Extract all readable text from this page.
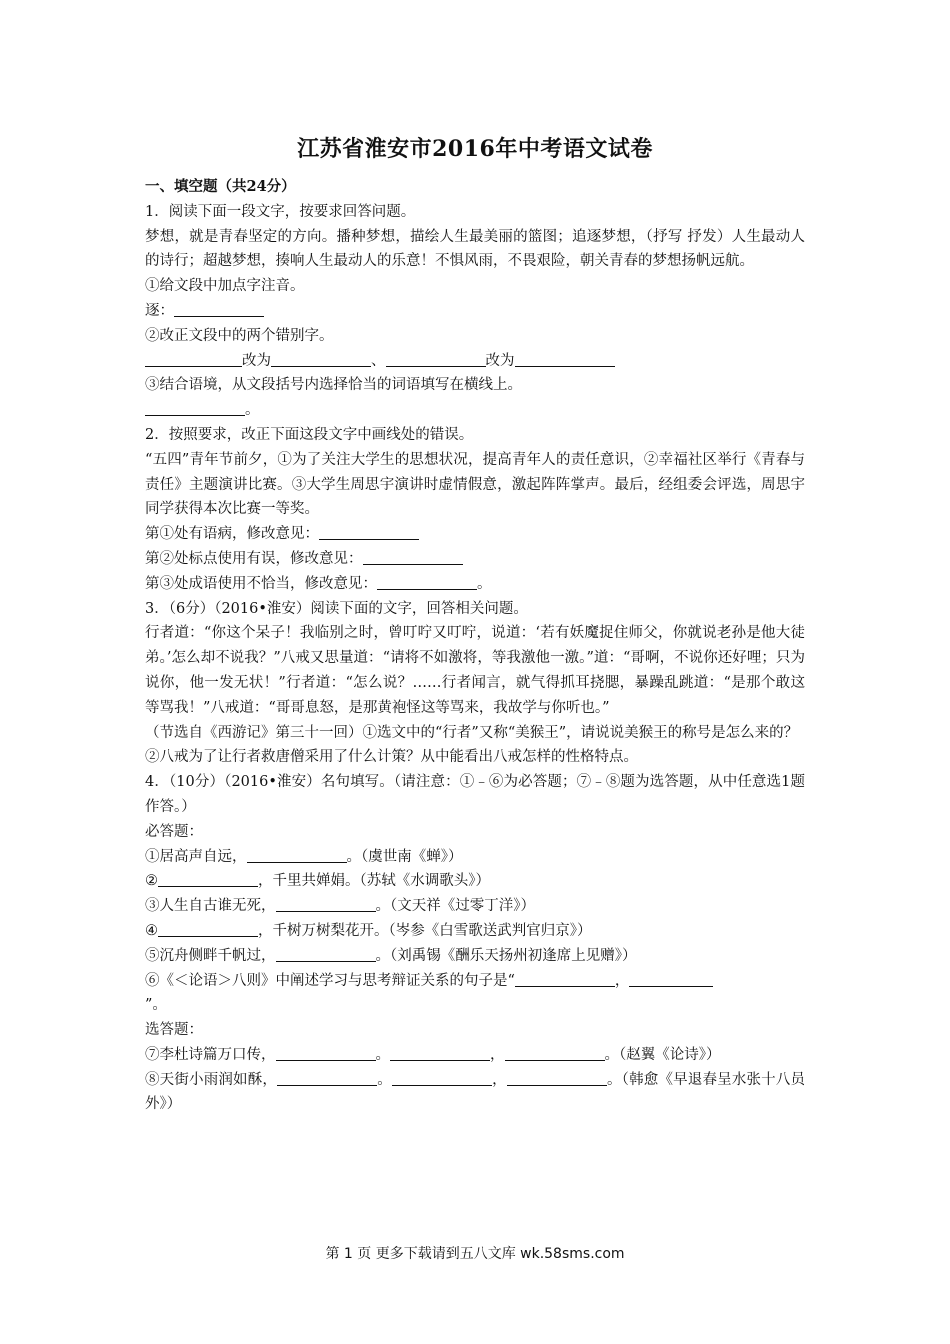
江苏省淮安市2016年中考语文试卷
一、填空题（共24分）
1．阅读下面一段文字，按要求回答问题。
梦想，就是青春坚定的方向。播种梦想，描绘人生最美丽的篮图；追逐梦想，（抒写 抒发）人生最动人的诗行；超越梦想，揍响人生最动人的乐意！不惧风雨，不畏艰险，朝关青春的梦想扬帆远航。
①给文段中加点字注音。
逐：
②改正文段中的两个错别字。
改为	、	改为
③结合语境，从文段括号内选择恰当的词语填写在横线上。
。
2．按照要求，改正下面这段文字中画线处的错误。
“五四”青年节前夕，①为了关注大学生的思想状况，提高青年人的责任意识，②幸福社区举行《青春与责任》主题演讲比赛。③大学生周思宇演讲时虚情假意，激起阵阵掌声。最后，经组委会评选，周思宇同学获得本次比赛一等奖。
第①处有语病，修改意见：
第②处标点使用有误，修改意见：
第③处成语使用不恰当，修改意见：	。
3．（6分）（2016•淮安）阅读下面的文字，回答相关问题。
行者道：“你这个呆子！我临别之时，曾叮咛又叮咛，说道：‘若有妖魔捉住师父，你就说老孙是他大徒弟。’怎么却不说我？”八戒又思量道：“请将不如激将，等我激他一激。”道：“哥啊，不说你还好哩；只为说你，他一发无状！”行者道：“怎么说？……行者闻言，就气得抓耳挠腮，暴躁乱跳道：“是那个敢这等骂我！”八戒道：“哥哥息怒，是那黄袍怪这等骂来，我故学与你听也。”
（节选自《西游记》第三十一回）①选文中的“行者”又称“美猴王”，请说说美猴王的称号是怎么来的？
②八戒为了让行者救唐僧采用了什么计策？从中能看出八戒怎样的性格特点。
4．（10分）（2016•淮安）名句填写。（请注意：①﹣⑥为必答题；⑦﹣⑧题为选答题，从中任意选1题作答。）
必答题：
①居高声自远，	。（虞世南《蝉》）
②	，千里共婵娟。（苏轼《水调歌头》）
③人生自古谁无死，	。（文天祥《过零丁洋》）
④	，千树万树梨花开。（岑参《白雪歌送武判官归京》）
⑤沉舟侧畔千帆过，	。（刘禹锡《酬乐天扬州初逢席上见赠》）
⑥《＜论语＞八则》中阐述学习与思考辩证关系的句子是“	，
”。
选答题：
⑦李杜诗篇万口传，	。	，	。（赵翼《论诗》）
⑧天街小雨润如酥，	。	，	。（韩愈《早退春呈水张十八员外》）
第 1 页 更多下载请到五八文库 wk.58sms.com
